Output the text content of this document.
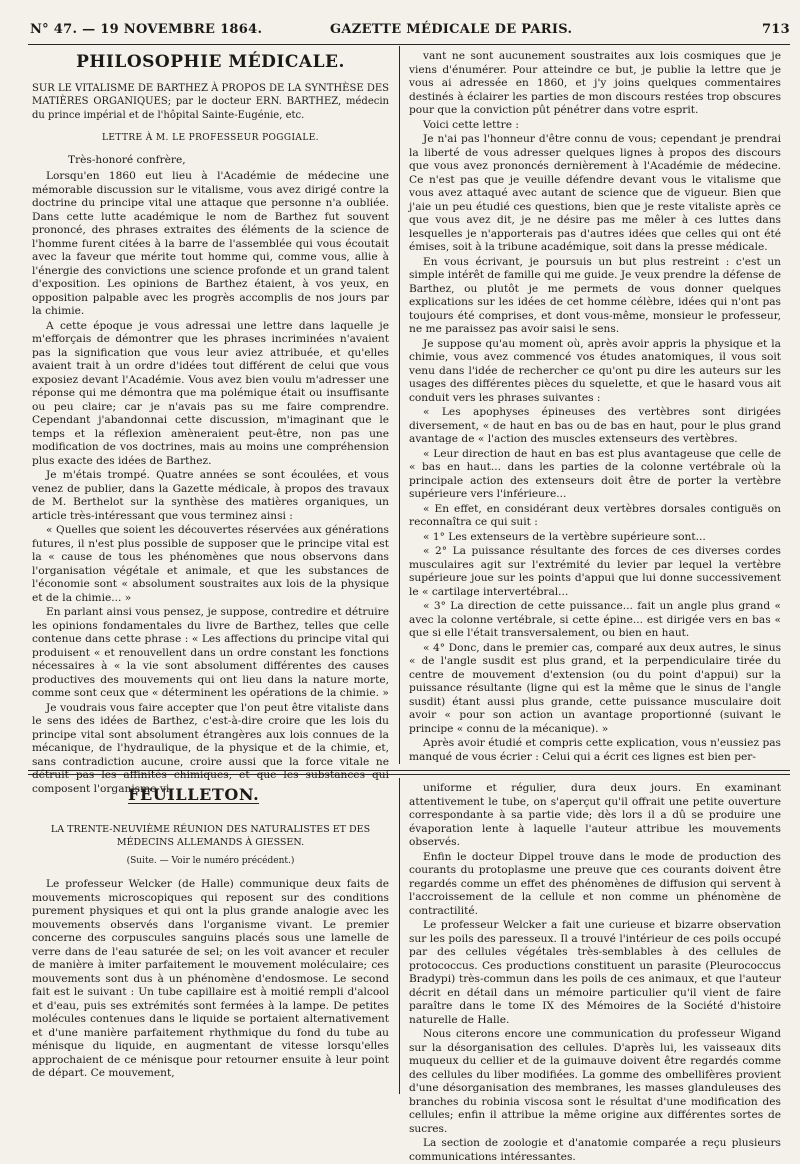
N° 47. — 19 NOVEMBRE 1864.	GAZETTE MÉDICALE DE PARIS.	713
PHILOSOPHIE MÉDICALE.
SUR LE VITALISME DE BARTHEZ À PROPOS DE LA SYNTHÈSE DES MATIÈRES ORGANIQUES; par le docteur ERN. BARTHEZ, médecin du prince impérial et de l'hôpital Sainte-Eugénie, etc.
LETTRE À M. LE PROFESSEUR POGGIALE.

Très-honoré confrère,

Lorsqu'en 1860 eut lieu à l'Académie de médecine une mémorable discussion sur le vitalisme, vous avez dirigé contre la doctrine du principe vital une attaque que personne n'a oubliée. Dans cette lutte académique le nom de Barthez fut souvent prononcé, des phrases extraites des éléments de la science de l'homme furent citées à la barre de l'assemblée qui vous écoutait avec la faveur que mérite tout homme qui, comme vous, allie à l'énergie des convictions une science profonde et un grand talent d'exposition. Les opinions de Barthez étaient, à vos yeux, en opposition palpable avec les progrès accomplis de nos jours par la chimie.

A cette époque je vous adressai une lettre dans laquelle je m'efforçais de démontrer que les phrases incriminées n'avaient pas la signification que vous leur aviez attribuée, et qu'elles avaient trait à un ordre d'idées tout différent de celui que vous exposiez devant l'Académie. Vous avez bien voulu m'adresser une réponse qui me démontra que ma polémique était ou insuffisante ou peu claire; car je n'avais pas su me faire comprendre. Cependant j'abandonnai cette discussion, m'imaginant que le temps et la réflexion amèneraient peut-être, non pas une modification de vos doctrines, mais au moins une compréhension plus exacte des idées de Barthez.

Je m'étais trompé. Quatre années se sont écoulées, et vous venez de publier, dans la Gazette médicale, à propos des travaux de M. Berthelot sur la synthèse des matières organiques, un article très-intéressant que vous terminez ainsi :

« Quelles que soient les découvertes réservées aux générations futures, il n'est plus possible de supposer que le principe vital est la « cause de tous les phénomènes que nous observons dans l'organisation végétale et animale, et que les substances de l'économie sont « absolument soustraites aux lois de la physique et de la chimie... »

En parlant ainsi vous pensez, je suppose, contredire et détruire les opinions fondamentales du livre de Barthez, telles que celle contenue dans cette phrase : « Les affections du principe vital qui produisent « et renouvellent dans un ordre constant les fonctions nécessaires à « la vie sont absolument différentes des causes productives des mouvements qui ont lieu dans la nature morte, comme sont ceux que « déterminent les opérations de la chimie. »

Je voudrais vous faire accepter que l'on peut être vitaliste dans le sens des idées de Barthez, c'est-à-dire croire que les lois du principe vital sont absolument étrangères aux lois connues de la mécanique, de l'hydraulique, de la physique et de la chimie, et, sans contradiction aucune, croire aussi que la force vitale ne détruit pas les affinités chimiques, et que les substances qui composent l'organisme vi-

vant ne sont aucunement soustraites aux lois cosmiques que je viens d'énumérer. Pour atteindre ce but, je publie la lettre que je vous ai adressée en 1860, et j'y joins quelques commentaires destinés à éclairer les parties de mon discours restées trop obscures pour que la conviction pût pénétrer dans votre esprit.

Voici cette lettre :

Je n'ai pas l'honneur d'être connu de vous; cependant je prendrai la liberté de vous adresser quelques lignes à propos des discours que vous avez prononcés dernièrement à l'Académie de médecine. Ce n'est pas que je veuille défendre devant vous le vitalisme que vous avez attaqué avec autant de science que de vigueur. Bien que j'aie un peu étudié ces questions, bien que je reste vitaliste après ce que vous avez dit, je ne désire pas me mêler à ces luttes dans lesquelles je n'apporterais pas d'autres idées que celles qui ont été émises, soit à la tribune académique, soit dans la presse médicale.

En vous écrivant, je poursuis un but plus restreint : c'est un simple intérêt de famille qui me guide. Je veux prendre la défense de Barthez, ou plutôt je me permets de vous donner quelques explications sur les idées de cet homme célèbre, idées qui n'ont pas toujours été comprises, et dont vous-même, monsieur le professeur, ne me paraissez pas avoir saisi le sens.

Je suppose qu'au moment où, après avoir appris la physique et la chimie, vous avez commencé vos études anatomiques, il vous soit venu dans l'idée de rechercher ce qu'ont pu dire les auteurs sur les usages des différentes pièces du squelette, et que le hasard vous ait conduit vers les phrases suivantes :

« Les apophyses épineuses des vertèbres sont dirigées diversement, « de haut en bas ou de bas en haut, pour le plus grand avantage de « l'action des muscles extenseurs des vertèbres.

« Leur direction de haut en bas est plus avantageuse que celle de « bas en haut... dans les parties de la colonne vertébrale où la principale action des extenseurs doit être de porter la vertèbre supérieure vers l'inférieure...

« En effet, en considérant deux vertèbres dorsales contiguës on reconnaîtra ce qui suit :

« 1° Les extenseurs de la vertèbre supérieure sont...

« 2° La puissance résultante des forces de ces diverses cordes musculaires agit sur l'extrémité du levier par lequel la vertèbre supérieure joue sur les points d'appui que lui donne successivement le « cartilage intervertébral...

« 3° La direction de cette puissance... fait un angle plus grand « avec la colonne vertébrale, si cette épine... est dirigée vers en bas « que si elle l'était transversalement, ou bien en haut.

« 4° Donc, dans le premier cas, comparé aux deux autres, le sinus « de l'angle susdit est plus grand, et la perpendiculaire tirée du centre de mouvement d'extension (ou du point d'appui) sur la puissance résultante (ligne qui est la même que le sinus de l'angle susdit) étant aussi plus grande, cette puissance musculaire doit avoir « pour son action un avantage proportionné (suivant le principe « connu de la mécanique). »

Après avoir étudié et compris cette explication, vous n'eussiez pas manqué de vous écrier : Celui qui a écrit ces lignes est bien per-

FEUILLETON.
LA TRENTE-NEUVIÈME RÉUNION DES NATURALISTES ET DES MÉDECINS ALLEMANDS À GIESSEN.
(Suite. — Voir le numéro précédent.)

Le professeur Welcker (de Halle) communique deux faits de mouvements microscopiques qui reposent sur des conditions purement physiques et qui ont la plus grande analogie avec les mouvements observés dans l'organisme vivant. Le premier concerne des corpuscules sanguins placés sous une lamelle de verre dans de l'eau saturée de sel; on les voit avancer et reculer de manière à imiter parfaitement le mouvement moléculaire; ces mouvements sont dus à un phénomène d'endosmose. Le second fait est le suivant : Un tube capillaire est à moitié rempli d'alcool et d'eau, puis ses extrémités sont fermées à la lampe. De petites molécules contenues dans le liquide se portaient alternativement et d'une manière parfaitement rhythmique du fond du tube au ménisque du liquide, en augmentant de vitesse lorsqu'elles approchaient de ce ménisque pour retourner ensuite à leur point de départ. Ce mouvement,

uniforme et régulier, dura deux jours. En examinant attentivement le tube, on s'aperçut qu'il offrait une petite ouverture correspondante à sa partie vide; dès lors il a dû se produire une évaporation lente à laquelle l'auteur attribue les mouvements observés.

Enfin le docteur Dippel trouve dans le mode de production des courants du protoplasme une preuve que ces courants doivent être regardés comme un effet des phénomènes de diffusion qui servent à l'accroissement de la cellule et non comme un phénomène de contractilité.

Le professeur Welcker a fait une curieuse et bizarre observation sur les poils des paresseux. Il a trouvé l'intérieur de ces poils occupé par des cellules végétales très-semblables à des cellules de protococcus. Ces productions constituent un parasite (Pleurococcus Bradypi) très-commun dans les poils de ces animaux, et que l'auteur décrit en détail dans un mémoire particulier qu'il vient de faire paraître dans le tome IX des Mémoires de la Société d'histoire naturelle de Halle.

Nous citerons encore une communication du professeur Wigand sur la désorganisation des cellules. D'après lui, les vaisseaux dits muqueux du cellier et de la guimauve doivent être regardés comme des cellules du liber modifiées. La gomme des ombellifères provient d'une désorganisation des membranes, les masses glanduleuses des branches du robinia viscosa sont le résultat d'une modification des cellules; enfin il attribue la même origine aux différentes sortes de sucres.

La section de zoologie et d'anatomie comparée a reçu plusieurs communications intéressantes.
